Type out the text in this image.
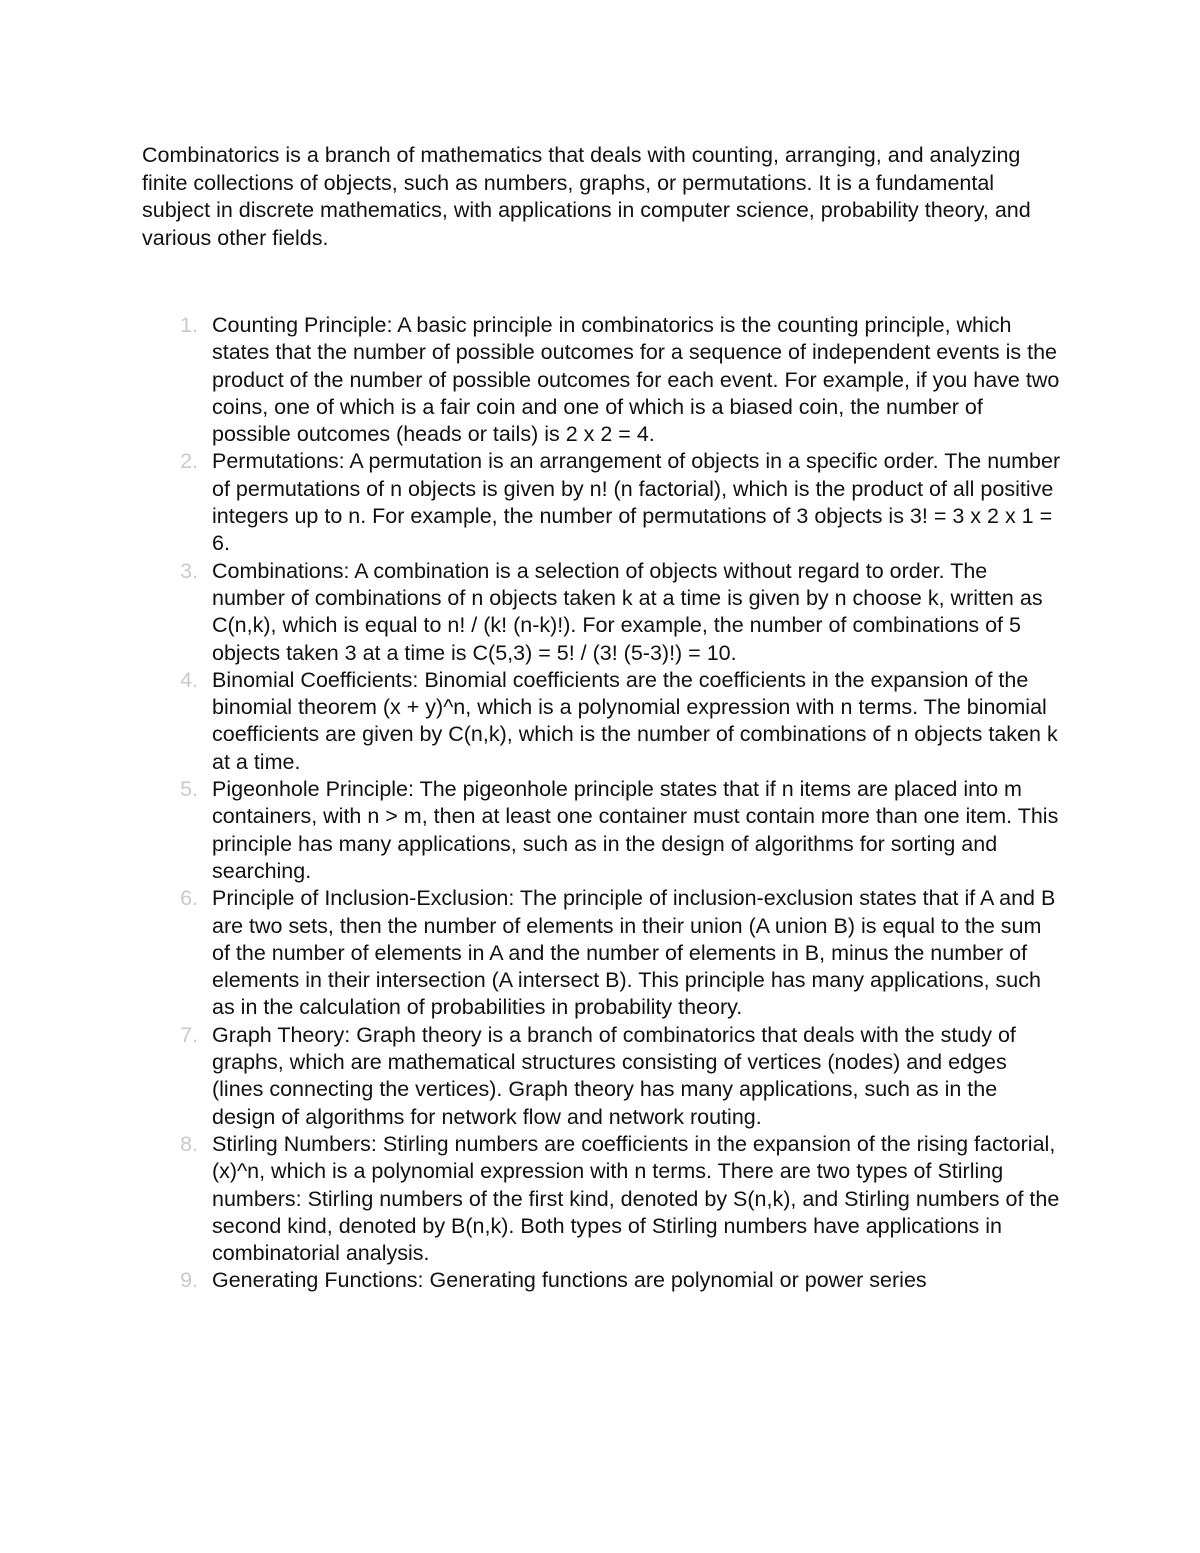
Combinatorics is a branch of mathematics that deals with counting, arranging, and analyzing finite collections of objects, such as numbers, graphs, or permutations. It is a fundamental subject in discrete mathematics, with applications in computer science, probability theory, and various other fields.

1. Counting Principle: A basic principle in combinatorics is the counting principle, which states that the number of possible outcomes for a sequence of independent events is the product of the number of possible outcomes for each event. For example, if you have two coins, one of which is a fair coin and one of which is a biased coin, the number of possible outcomes (heads or tails) is 2 x 2 = 4.
2. Permutations: A permutation is an arrangement of objects in a specific order. The number of permutations of n objects is given by n! (n factorial), which is the product of all positive integers up to n. For example, the number of permutations of 3 objects is 3! = 3 x 2 x 1 = 6.
3. Combinations: A combination is a selection of objects without regard to order. The number of combinations of n objects taken k at a time is given by n choose k, written as C(n,k), which is equal to n! / (k! (n-k)!). For example, the number of combinations of 5 objects taken 3 at a time is C(5,3) = 5! / (3! (5-3)!) = 10.
4. Binomial Coefficients: Binomial coefficients are the coefficients in the expansion of the binomial theorem (x + y)^n, which is a polynomial expression with n terms. The binomial coefficients are given by C(n,k), which is the number of combinations of n objects taken k at a time.
5. Pigeonhole Principle: The pigeonhole principle states that if n items are placed into m containers, with n > m, then at least one container must contain more than one item. This principle has many applications, such as in the design of algorithms for sorting and searching.
6. Principle of Inclusion-Exclusion: The principle of inclusion-exclusion states that if A and B are two sets, then the number of elements in their union (A union B) is equal to the sum of the number of elements in A and the number of elements in B, minus the number of elements in their intersection (A intersect B). This principle has many applications, such as in the calculation of probabilities in probability theory.
7. Graph Theory: Graph theory is a branch of combinatorics that deals with the study of graphs, which are mathematical structures consisting of vertices (nodes) and edges (lines connecting the vertices). Graph theory has many applications, such as in the design of algorithms for network flow and network routing.
8. Stirling Numbers: Stirling numbers are coefficients in the expansion of the rising factorial, (x)^n, which is a polynomial expression with n terms. There are two types of Stirling numbers: Stirling numbers of the first kind, denoted by S(n,k), and Stirling numbers of the second kind, denoted by B(n,k). Both types of Stirling numbers have applications in combinatorial analysis.
9. Generating Functions: Generating functions are polynomial or power series
